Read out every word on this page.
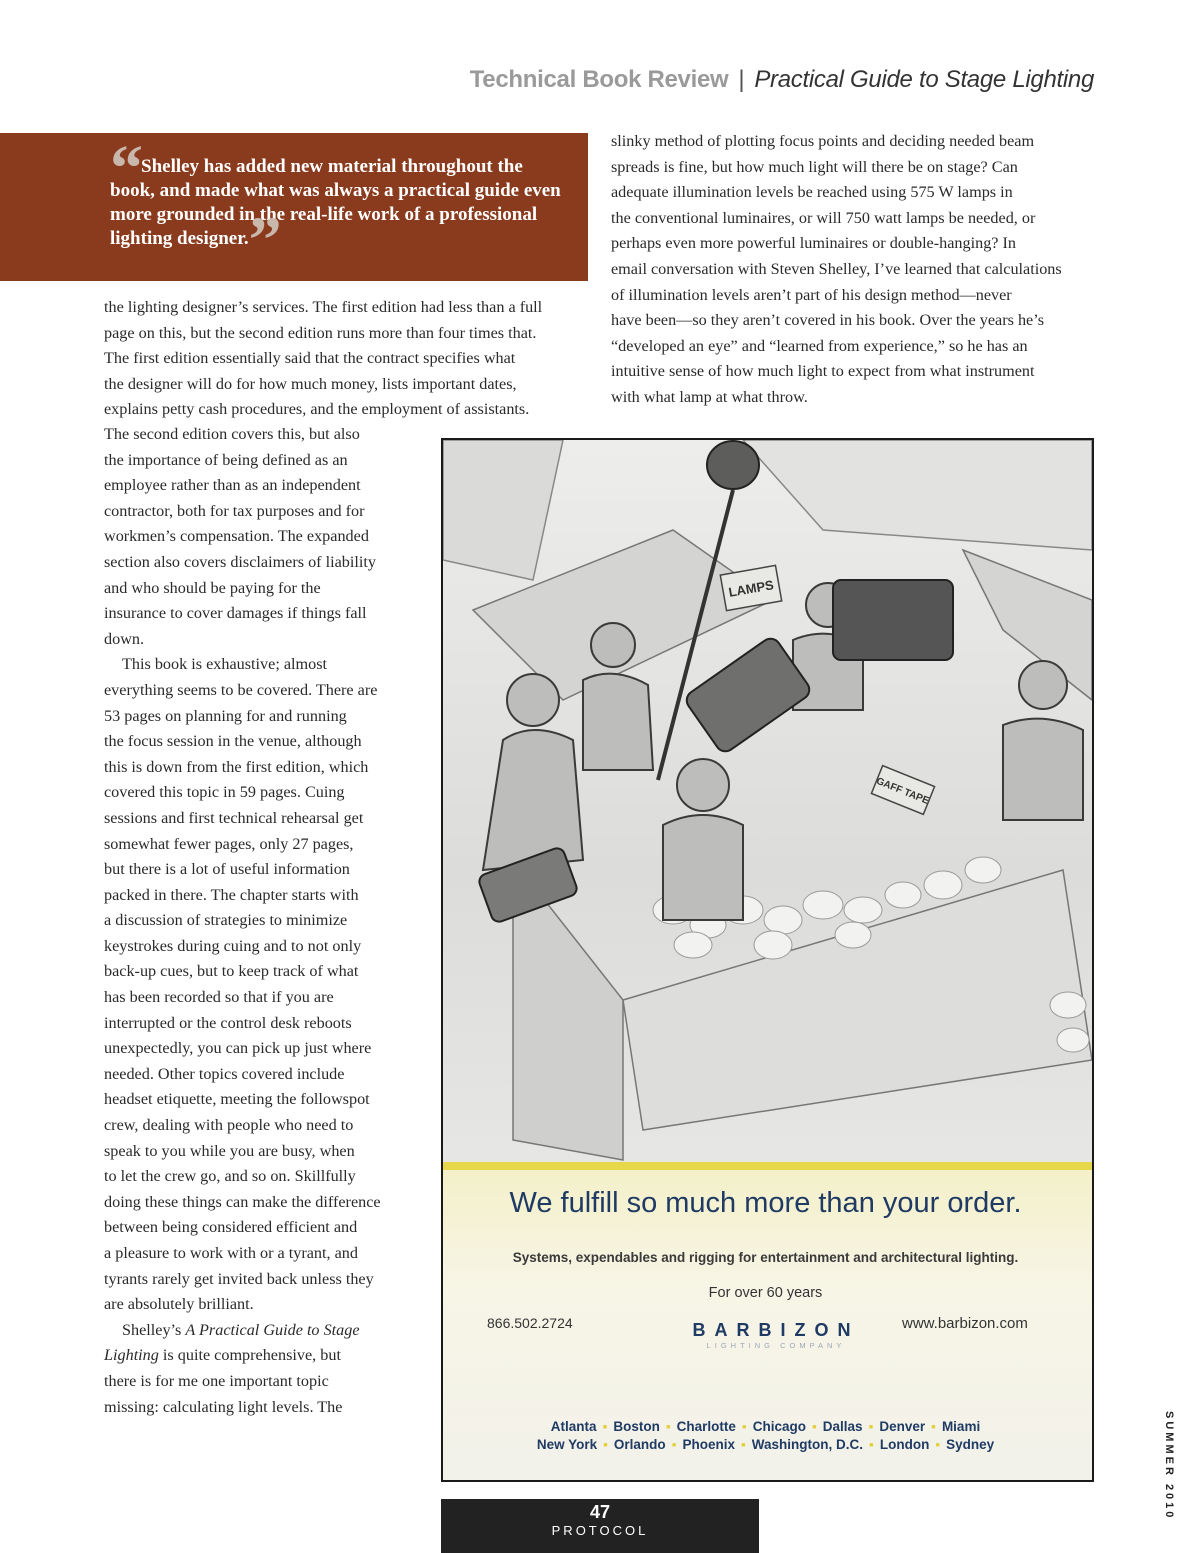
Technical Book Review | Practical Guide to Stage Lighting
“Shelley has added new material throughout the
book, and made what was always a practical guide even
more grounded in the real-life work of a professional
lighting designer.”
slinky method of plotting focus points and deciding needed beam
spreads is fine, but how much light will there be on stage? Can
adequate illumination levels be reached using 575 W lamps in
the conventional luminaires, or will 750 watt lamps be needed, or
perhaps even more powerful luminaires or double-hanging? In
email conversation with Steven Shelley, I’ve learned that calculations
of illumination levels aren’t part of his design method—never
have been—so they aren’t covered in his book. Over the years he’s
“developed an eye” and “learned from experience,” so he has an
intuitive sense of how much light to expect from what instrument
with what lamp at what throw.
the lighting designer’s services. The first edition had less than a full
page on this, but the second edition runs more than four times that.
The first edition essentially said that the contract specifies what
the designer will do for how much money, lists important dates,
explains petty cash procedures, and the employment of assistants.
The second edition covers this, but also
the importance of being defined as an
employee rather than as an independent
contractor, both for tax purposes and for
workmen’s compensation. The expanded
section also covers disclaimers of liability
and who should be paying for the
insurance to cover damages if things fall
down.
This book is exhaustive; almost
everything seems to be covered. There are
53 pages on planning for and running
the focus session in the venue, although
this is down from the first edition, which
covered this topic in 59 pages. Cuing
sessions and first technical rehearsal get
somewhat fewer pages, only 27 pages,
but there is a lot of useful information
packed in there. The chapter starts with
a discussion of strategies to minimize
keystrokes during cuing and to not only
back-up cues, but to keep track of what
has been recorded so that if you are
interrupted or the control desk reboots
unexpectedly, you can pick up just where
needed. Other topics covered include
headset etiquette, meeting the followspot
crew, dealing with people who need to
speak to you while you are busy, when
to let the crew go, and so on. Skillfully
doing these things can make the difference
between being considered efficient and
a pleasure to work with or a tyrant, and
tyrants rarely get invited back unless they
are absolutely brilliant.
Shelley’s A Practical Guide to Stage
Lighting is quite comprehensive, but
there is for me one important topic
missing: calculating light levels. The
LAMPS
GAFF TAPE
We fulfill so much more than your order.
Systems, expendables and rigging for entertainment and architectural lighting.
For over 60 years
866.502.2724	www.barbizon.com
BARBIZON
LIGHTING COMPANY
Atlanta ▪ Boston ▪ Charlotte ▪ Chicago ▪ Dallas ▪ Denver ▪ Miami
New York ▪ Orlando ▪ Phoenix ▪ Washington, D.C. ▪ London ▪ Sydney
47
PROTOCOL
SUMMER 2010
